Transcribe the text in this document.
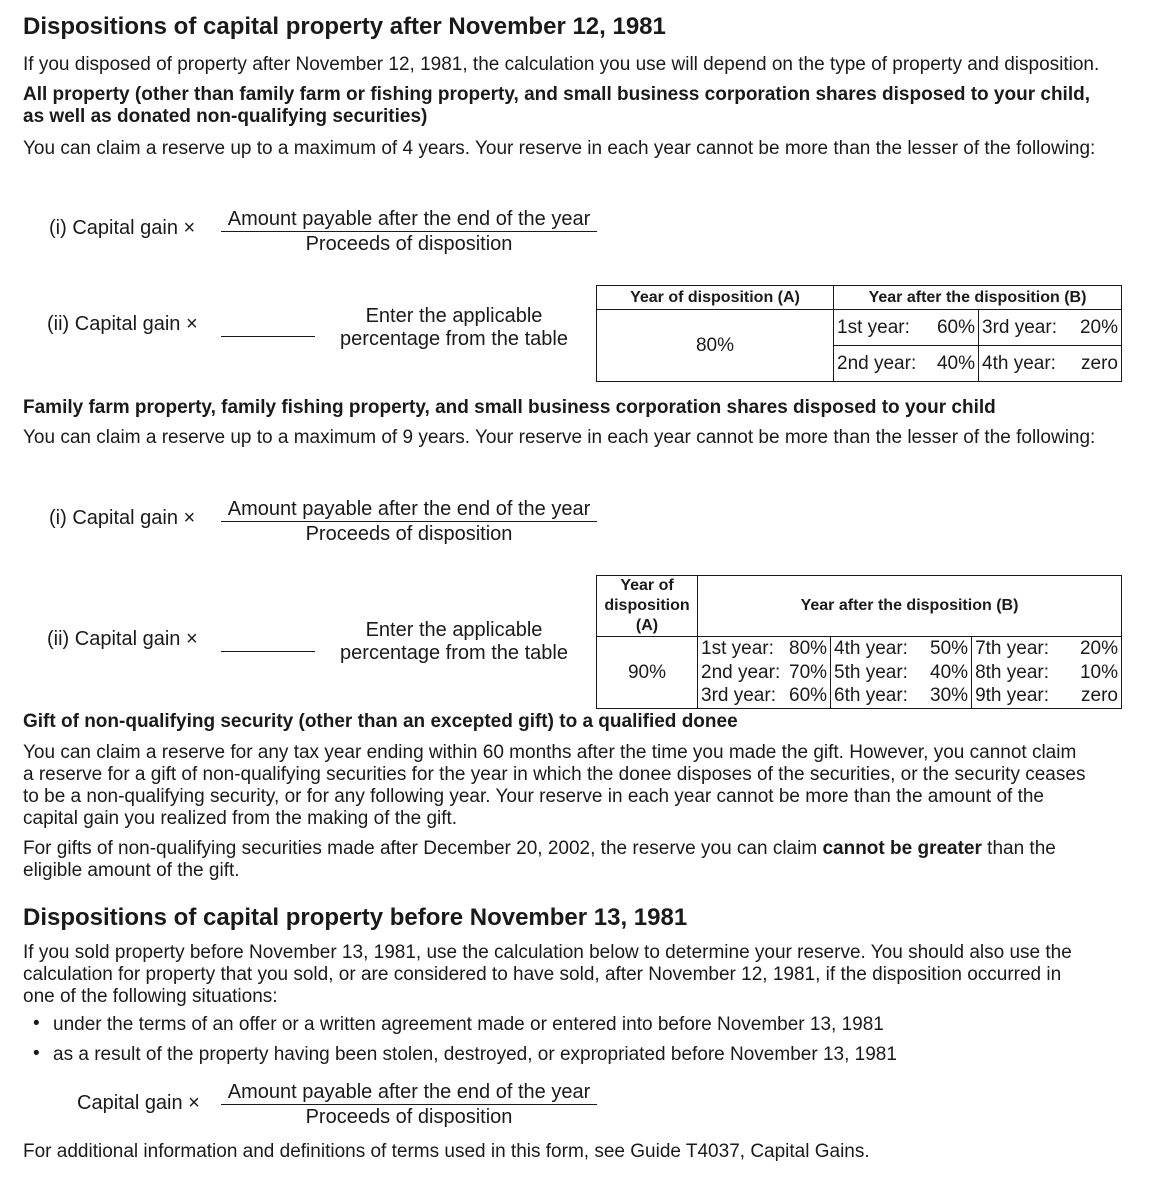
Dispositions of capital property after November 12, 1981
If you disposed of property after November 12, 1981, the calculation you use will depend on the type of property and disposition.
All property (other than family farm or fishing property, and small business corporation shares disposed to your child,
as well as donated non-qualifying securities)
You can claim a reserve up to a maximum of 4 years. Your reserve in each year cannot be more than the lesser of the following:
(i) Capital gain ×	Amount payable after the end of the year
Proceeds of disposition
(ii) Capital gain ×	Enter the applicable
percentage from the table
Year of disposition (A)	Year after the disposition (B)			
80%	1st year:	60%	3rd year:	20%
	2nd year:	40%	4th year:	zero
Family farm property, family fishing property, and small business corporation shares disposed to your child
You can claim a reserve up to a maximum of 9 years. Your reserve in each year cannot be more than the lesser of the following:
(i) Capital gain ×	Amount payable after the end of the year
Proceeds of disposition
(ii) Capital gain ×	Enter the applicable
percentage from the table
Year of
disposition (A)	Year after the disposition (B)					
90%	1st year:	80%	4th year:	50%	7th year:	20%
	2nd year:	70%	5th year:	40%	8th year:	10%
	3rd year:	60%	6th year:	30%	9th year:	zero
Gift of non-qualifying security (other than an excepted gift) to a qualified donee
You can claim a reserve for any tax year ending within 60 months after the time you made the gift. However, you cannot claim
a reserve for a gift of non-qualifying securities for the year in which the donee disposes of the securities, or the security ceases
to be a non-qualifying security, or for any following year. Your reserve in each year cannot be more than the amount of the
capital gain you realized from the making of the gift.
For gifts of non-qualifying securities made after December 20, 2002, the reserve you can claim cannot be greater than the
eligible amount of the gift.
Dispositions of capital property before November 13, 1981
If you sold property before November 13, 1981, use the calculation below to determine your reserve. You should also use the
calculation for property that you sold, or are considered to have sold, after November 12, 1981, if the disposition occurred in
one of the following situations:
• under the terms of an offer or a written agreement made or entered into before November 13, 1981
• as a result of the property having been stolen, destroyed, or expropriated before November 13, 1981
Capital gain ×	Amount payable after the end of the year
Proceeds of disposition
For additional information and definitions of terms used in this form, see Guide T4037, Capital Gains.
